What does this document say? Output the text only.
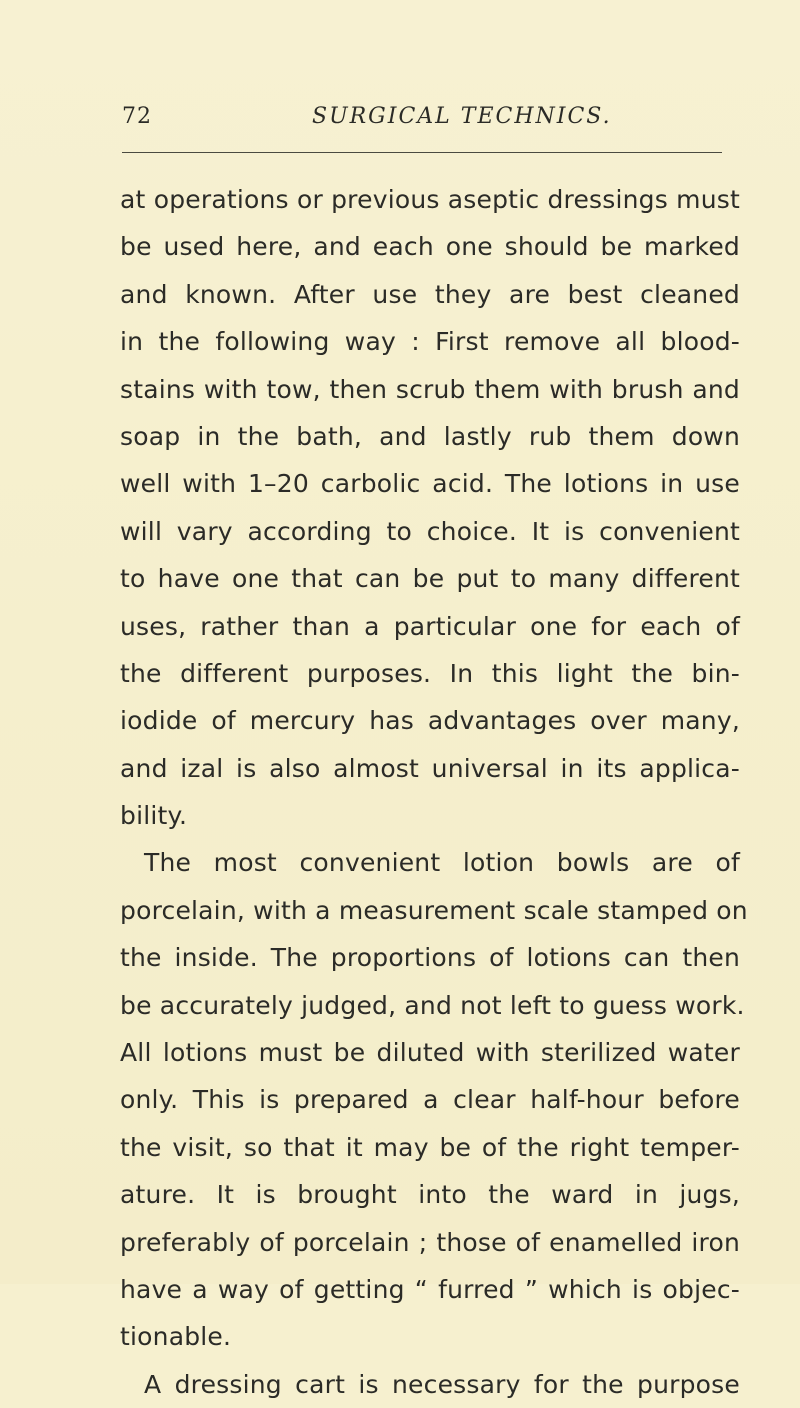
72	SURGICAL TECHNICS.
at operations or previous aseptic dressings must
be used here, and each one should be marked
and known. After use they are best cleaned
in the following way : First remove all blood-
stains with tow, then scrub them with brush and
soap in the bath, and lastly rub them down
well with 1–20 carbolic acid. The lotions in use
will vary according to choice. It is convenient
to have one that can be put to many different
uses, rather than a particular one for each of
the different purposes. In this light the bin-
iodide of mercury has advantages over many,
and izal is also almost universal in its applica-
bility.
The most convenient lotion bowls are of
porcelain, with a measurement scale stamped on
the inside. The proportions of lotions can then
be accurately judged, and not left to guess work.
All lotions must be diluted with sterilized water
only. This is prepared a clear half-hour before
the visit, so that it may be of the right temper-
ature. It is brought into the ward in jugs,
preferably of porcelain ; those of enamelled iron
have a way of getting “ furred ” which is objec-
tionable.
A dressing cart is necessary for the purpose
